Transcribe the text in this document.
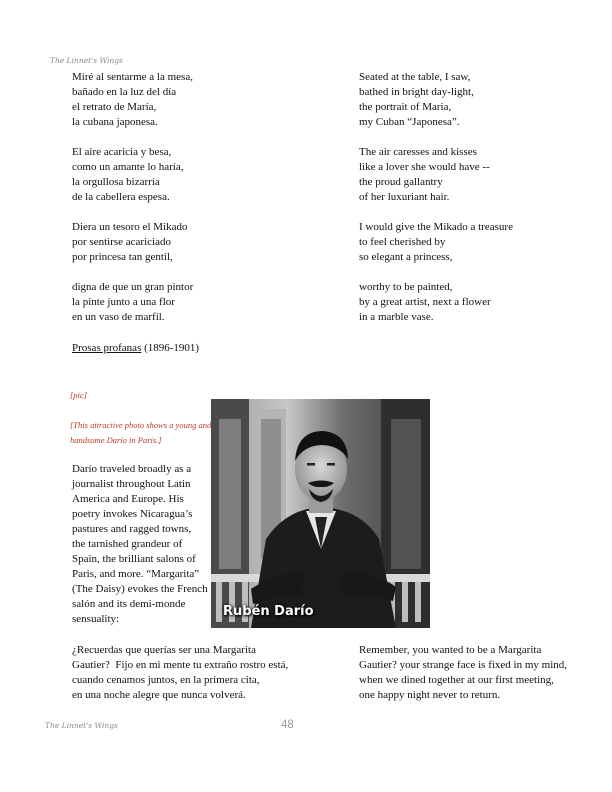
The Linnet's Wings
Miré al sentarme a la mesa,
bañado en la luz del día
el retrato de María,
la cubana japonesa.
El aire acaricia y besa,
como un amante lo haría,
la orgullosa bizarría
de la cabellera espesa.
Diera un tesoro el Mikado
por sentirse acariciado
por princesa tan gentil,
digna de que un gran pintor
la pinte junto a una flor
en un vaso de marfil.
Seated at the table, I saw,
bathed in bright day-light,
the portrait of Maria,
my Cuban “Japonesa”.
The air caresses and kisses
like a lover she would have --
the proud gallantry
of her luxuriant hair.
I would give the Mikado a treasure
to feel cherished by
so elegant a princess,
worthy to be painted,
by a great artist, next a flower
in a marble vase.
Prosas profanas (1896-1901)
[pic]
[This attractive photo shows a young and
handsome Darío in Paris.]
Rubén Darío
Darío traveled broadly as a
journalist throughout Latin
America and Europe. His
poetry invokes Nicaragua’s
pastures and ragged towns,
the tarnished grandeur of
Spain, the brilliant salons of
Paris, and more. “Margarita”
(The Daisy) evokes the French
salón and its demi-monde
sensuality:
¿Recuerdas que querías ser una Margarita
Gautier?  Fijo en mi mente tu extraño rostro está,
cuando cenamos juntos, en la primera cita,
en una noche alegre que nunca volverá.
Remember, you wanted to be a Margarita
Gautier? your strange face is fixed in my mind,
when we dined together at our first meeting,
one happy night never to return.
The Linnet's Wings	48
